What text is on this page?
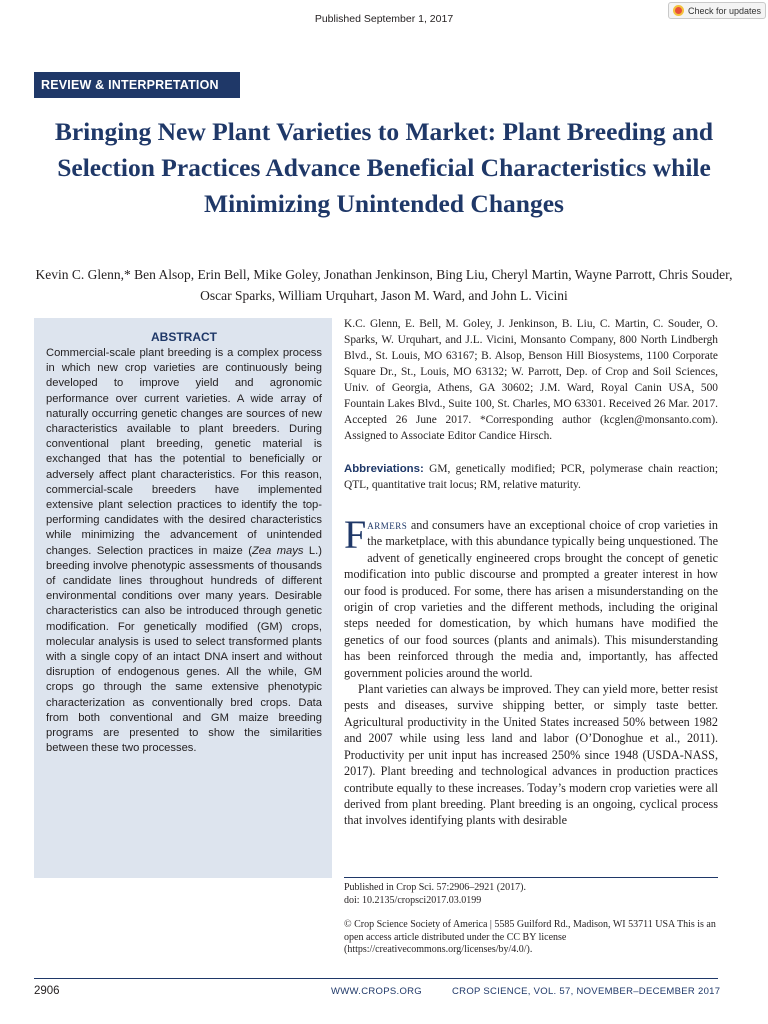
Published September 1, 2017
Check for updates
REVIEW & INTERPRETATION
Bringing New Plant Varieties to Market: Plant Breeding and Selection Practices Advance Beneficial Characteristics while Minimizing Unintended Changes

Kevin C. Glenn,* Ben Alsop, Erin Bell, Mike Goley, Jonathan Jenkinson, Bing Liu, Cheryl Martin, Wayne Parrott, Chris Souder, Oscar Sparks, William Urquhart, Jason M. Ward, and John L. Vicini

ABSTRACT

Commercial-scale plant breeding is a complex process in which new crop varieties are continuously being developed to improve yield and agronomic performance over current varieties. A wide array of naturally occurring genetic changes are sources of new characteristics available to plant breeders. During conventional plant breeding, genetic material is exchanged that has the potential to beneficially or adversely affect plant characteristics. For this reason, commercial-scale breeders have implemented extensive plant selection practices to identify the top-performing candidates with the desired characteristics while minimizing the advancement of unintended changes. Selection practices in maize (Zea mays L.) breeding involve phenotypic assessments of thousands of candidate lines throughout hundreds of different environmental conditions over many years. Desirable characteristics can also be introduced through genetic modification. For genetically modified (GM) crops, molecular analysis is used to select transformed plants with a single copy of an intact DNA insert and without disruption of endogenous genes. All the while, GM crops go through the same extensive phenotypic characterization as conventionally bred crops. Data from both conventional and GM maize breeding programs are presented to show the similarities between these two processes.

K.C. Glenn, E. Bell, M. Goley, J. Jenkinson, B. Liu, C. Martin, C. Souder, O. Sparks, W. Urquhart, and J.L. Vicini, Monsanto Company, 800 North Lindbergh Blvd., St. Louis, MO 63167; B. Alsop, Benson Hill Biosystems, 1100 Corporate Square Dr., St., Louis, MO 63132; W. Parrott, Dep. of Crop and Soil Sciences, Univ. of Georgia, Athens, GA 30602; J.M. Ward, Royal Canin USA, 500 Fountain Lakes Blvd., Suite 100, St. Charles, MO 63301. Received 26 Mar. 2017. Accepted 26 June 2017. *Corresponding author (kcglen@monsanto.com). Assigned to Associate Editor Candice Hirsch.

Abbreviations: GM, genetically modified; PCR, polymerase chain reaction; QTL, quantitative trait locus; RM, relative maturity.

Farmers and consumers have an exceptional choice of crop varieties in the marketplace, with this abundance typically being unquestioned. The advent of genetically engineered crops brought the concept of genetic modification into public discourse and prompted a greater interest in how our food is produced. For some, there has arisen a misunderstanding on the origin of crop varieties and the different methods, including the original steps needed for domestication, by which humans have modified the genetics of our food sources (plants and animals). This misunderstanding has been reinforced through the media and, importantly, has affected government policies around the world.

Plant varieties can always be improved. They can yield more, better resist pests and diseases, survive shipping better, or simply taste better. Agricultural productivity in the United States increased 50% between 1982 and 2007 while using less land and labor (O’Donoghue et al., 2011). Productivity per unit input has increased 250% since 1948 (USDA-NASS, 2017). Plant breeding and technological advances in production practices contribute equally to these increases. Today’s modern crop varieties were all derived from plant breeding. Plant breeding is an ongoing, cyclical process that involves identifying plants with desirable

Published in Crop Sci. 57:2906–2921 (2017).
doi: 10.2135/cropsci2017.03.0199

© Crop Science Society of America | 5585 Guilford Rd., Madison, WI 53711 USA This is an open access article distributed under the CC BY license (https://creativecommons.org/licenses/by/4.0/).

2906	WWW.CROPS.ORG	CROP SCIENCE, VOL. 57, NOVEMBER–DECEMBER 2017
